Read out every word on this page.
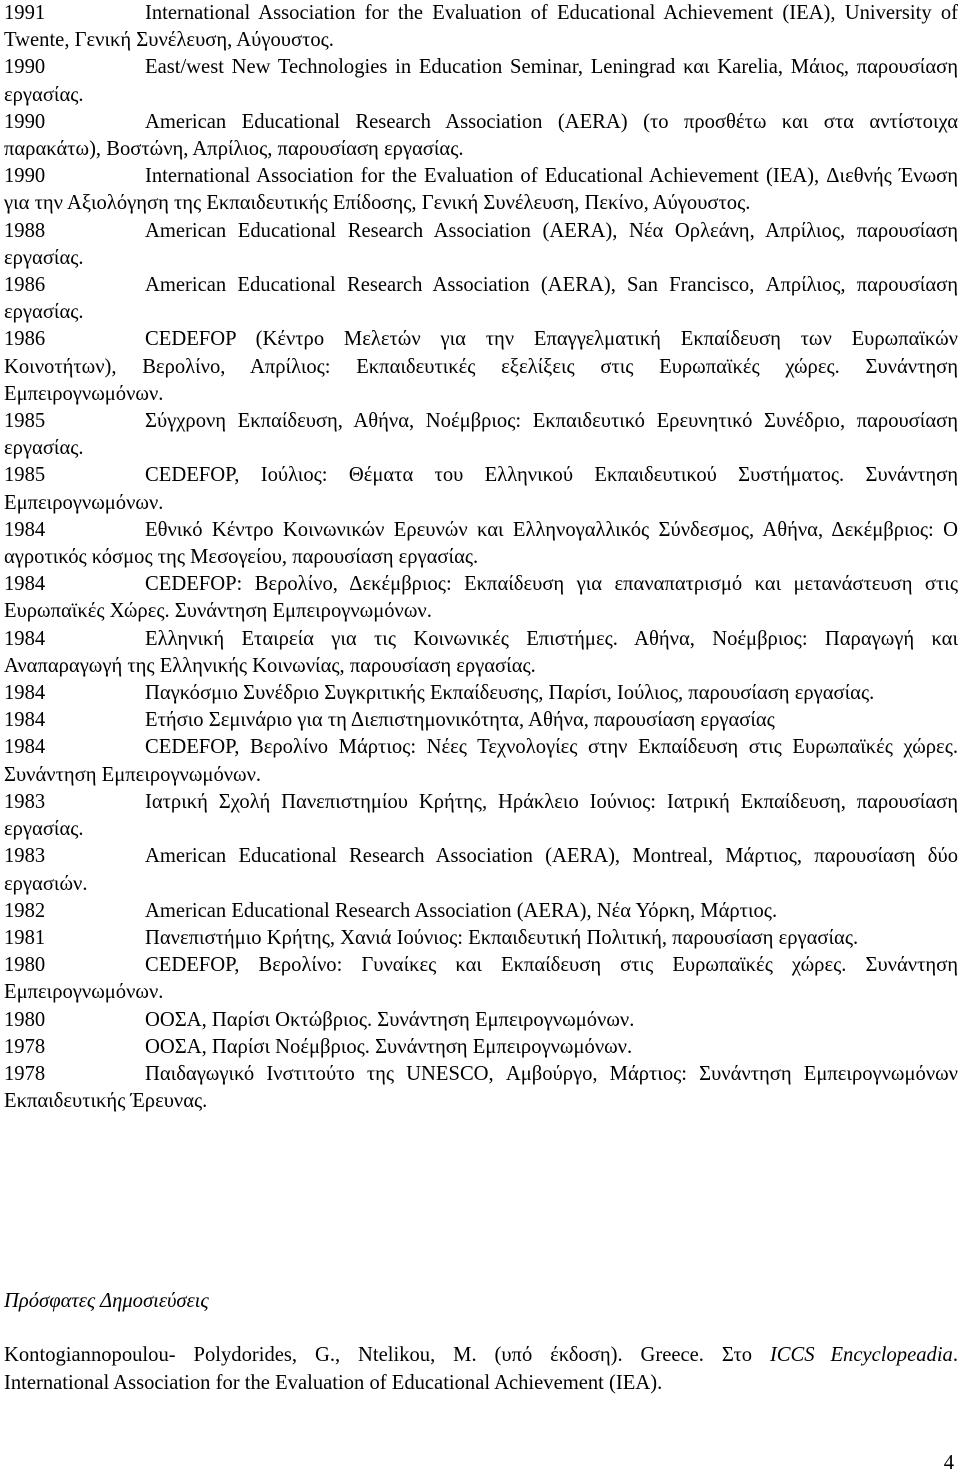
1991	International Association for the Evaluation of Educational Achievement (IEA), University of Twente, Γενική Συνέλευση, Αύγουστος.
1990	East/west New Technologies in Education Seminar, Leningrad και Karelia, Μάιος, παρουσίαση εργασίας.
1990	American Educational Research Association (AERA) (το προσθέτω και στα αντίστοιχα παρακάτω), Βοστώνη, Απρίλιος, παρουσίαση εργασίας.
1990	International Association for the Evaluation of Educational Achievement (IEA), Διεθνής Ένωση για την Αξιολόγηση της Εκπαιδευτικής Επίδοσης, Γενική Συνέλευση, Πεκίνο, Αύγουστος.
1988	American Educational Research Association (AERA), Νέα Ορλεάνη, Απρίλιος, παρουσίαση εργασίας.
1986	American Educational Research Association (AERA), San Francisco, Απρίλιος, παρουσίαση εργασίας.
1986	CEDEFOP (Κέντρο Μελετών για την Επαγγελματική Εκπαίδευση των Ευρωπαϊκών Κοινοτήτων), Βερολίνο, Απρίλιος: Εκπαιδευτικές εξελίξεις στις Ευρωπαϊκές χώρες. Συνάντηση Εμπειρογνωμόνων.
1985	Σύγχρονη Εκπαίδευση, Αθήνα, Νοέμβριος: Εκπαιδευτικό Ερευνητικό Συνέδριο, παρουσίαση εργασίας.
1985	CEDEFOP, Ιούλιος: Θέματα του Ελληνικού Εκπαιδευτικού Συστήματος. Συνάντηση Εμπειρογνωμόνων.
1984	Εθνικό Κέντρο Κοινωνικών Ερευνών και Ελληνογαλλικός Σύνδεσμος, Αθήνα, Δεκέμβριος: Ο αγροτικός κόσμος της Μεσογείου, παρουσίαση εργασίας.
1984	CEDEFOP: Βερολίνο, Δεκέμβριος: Εκπαίδευση για επαναπατρισμό και μετανάστευση στις Ευρωπαϊκές Χώρες. Συνάντηση Εμπειρογνωμόνων.
1984	Ελληνική Εταιρεία για τις Κοινωνικές Επιστήμες. Αθήνα, Νοέμβριος: Παραγωγή και Αναπαραγωγή της Ελληνικής Κοινωνίας, παρουσίαση εργασίας.
1984	Παγκόσμιο Συνέδριο Συγκριτικής Εκπαίδευσης, Παρίσι, Ιούλιος, παρουσίαση εργασίας.
1984	Ετήσιο Σεμινάριο για τη Διεπιστημονικότητα, Αθήνα, παρουσίαση εργασίας
1984	CEDEFOP, Βερολίνο Μάρτιος: Νέες Τεχνολογίες στην Εκπαίδευση στις Ευρωπαϊκές χώρες. Συνάντηση Εμπειρογνωμόνων.
1983	Ιατρική Σχολή Πανεπιστημίου Κρήτης, Ηράκλειο Ιούνιος: Ιατρική Εκπαίδευση, παρουσίαση εργασίας.
1983	American Educational Research Association (AERA), Montreal, Μάρτιος, παρουσίαση δύο εργασιών.
1982	American Educational Research Association (AERA), Νέα Υόρκη, Μάρτιος.
1981	Πανεπιστήμιο Κρήτης, Χανιά Ιούνιος: Εκπαιδευτική Πολιτική, παρουσίαση εργασίας.
1980	CEDEFOP, Βερολίνο: Γυναίκες και Εκπαίδευση στις Ευρωπαϊκές χώρες. Συνάντηση Εμπειρογνωμόνων.
1980	ΟΟΣΑ, Παρίσι Οκτώβριος. Συνάντηση Εμπειρογνωμόνων.
1978	ΟΟΣΑ, Παρίσι Νοέμβριος. Συνάντηση Εμπειρογνωμόνων.
1978	Παιδαγωγικό Ινστιτούτο της UNESCO, Αμβούργο, Μάρτιος: Συνάντηση Εμπειρογνωμόνων Εκπαιδευτικής Έρευνας.

Πρόσφατες Δημοσιεύσεις

Kontogiannopoulou- Polydorides, G., Ntelikou, M. (υπό έκδοση). Greece. Στο ICCS Encyclopeadia. International Association for the Evaluation of Educational Achievement (IEA).

4
